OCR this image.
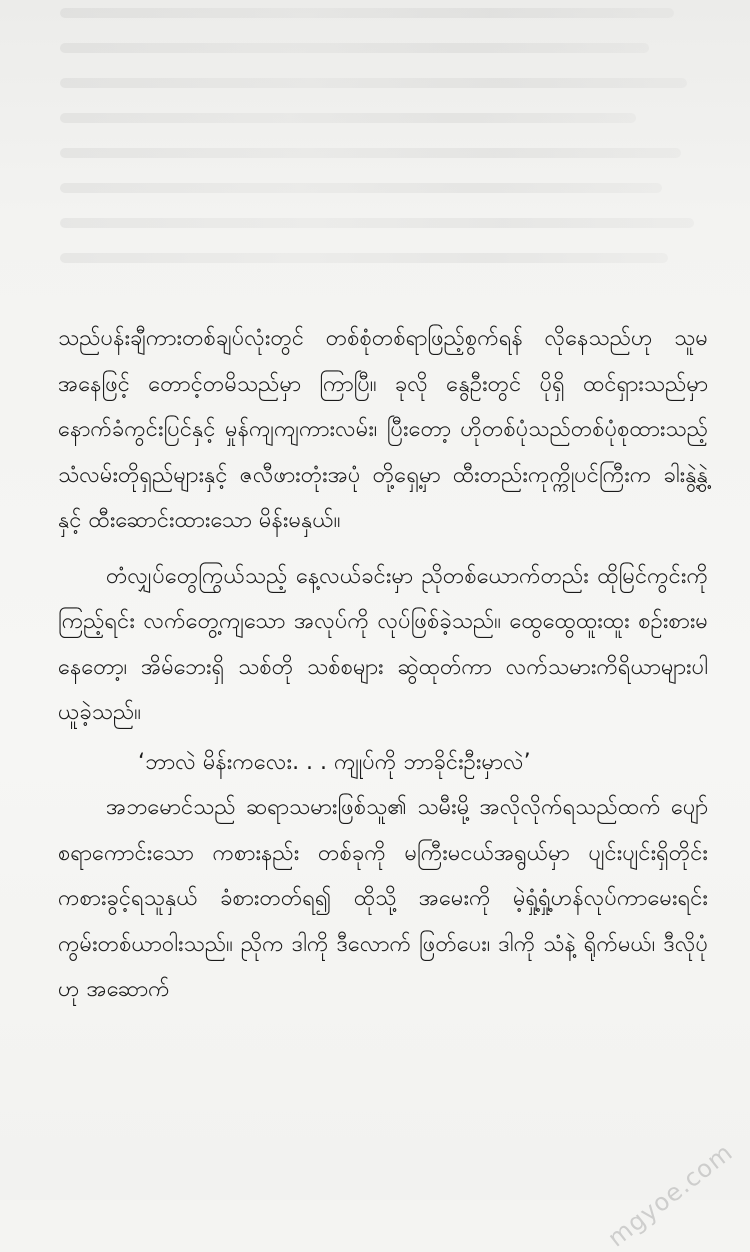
သည်ပန်းချီကားတစ်ချပ်လုံးတွင် တစ်စုံတစ်ရာဖြည့်စွက်ရန် လိုနေသည်ဟု သူမအနေဖြင့် တောင့်တမိသည်မှာ ကြာပြီ။ ခုလို နွေဦးတွင် ပိုရှိ ထင်ရှားသည်မှာ နောက်ခံကွင်းပြင်နှင့် မှုန်ကျကျကားလမ်း၊ ပြီးတော့ ဟိုတစ်ပုံသည်တစ်ပုံစုထားသည့် သံလမ်းတိုရှည်များနှင့် ဇလီဖားတုံးအပုံ တို့ရှေ့မှာ ထီးတည်းကုက္ကိုပင်ကြီးက ခါးနွဲ့နွဲ့နှင့် ထီးဆောင်းထားသော မိန်းမနှယ်။

တံလျှပ်တွေကြွယ်သည့် နေ့လယ်ခင်းမှာ ညိုတစ်ယောက်တည်း ထိုမြင်ကွင်းကို ကြည့်ရင်း လက်တွေ့ကျသော အလုပ်ကို လုပ်ဖြစ်ခဲ့သည်။ ထွေထွေထူးထူး စဉ်းစားမနေတော့၊ အိမ်ဘေးရှိ သစ်တို သစ်စများ ဆွဲထုတ်ကာ လက်သမားကိရိယာများပါ ယူခဲ့သည်။

‘ဘာလဲ မိန်းကလေး. . . ကျုပ်ကို ဘာခိုင်းဦးမှာလဲ’

အဘမောင်သည် ဆရာသမားဖြစ်သူ၏ သမီးမို့ အလိုလိုက်ရသည်ထက် ပျော်စရာကောင်းသော ကစားနည်း တစ်ခုကို မကြီးမငယ်အရွယ်မှာ ပျင်းပျင်းရှိတိုင်း ကစားခွင့်ရသူနှယ် ခံစားတတ်ရ၍ ထိုသို့ အမေးကို မဲ့ရှုံ့ရှုံ့ဟန်လုပ်ကာမေးရင်း ကွမ်းတစ်ယာဝါးသည်။ ညိုက ဒါကို ဒီလောက် ဖြတ်ပေး၊ ဒါကို သံနဲ့ ရိုက်မယ်၊ ဒီလိုပုံဟု အဆောက်

mgyoe.com
